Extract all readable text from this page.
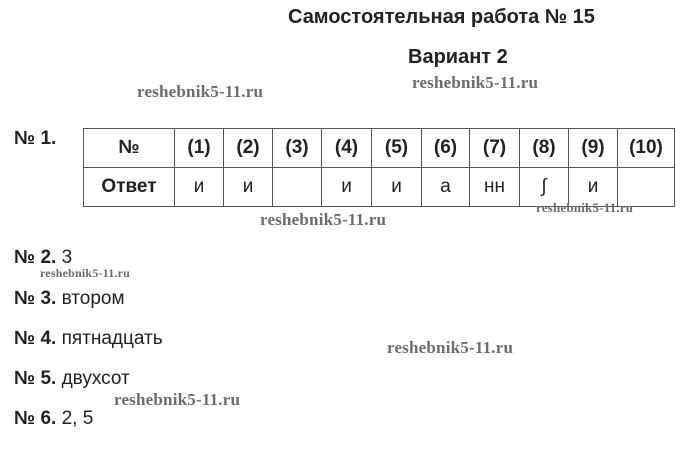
Самостоятельная работа № 15
Вариант 2
reshebnik5-11.ru
reshebnik5-11.ru
№ 1.	№	(1)	(2)	(3)	(4)	(5)	(6)	(7)	(8)	(9)	(10)
Ответ	и	и		и	и	а	нн	∫	и	
reshebnik5-11.ru
reshebnik5-11.ru
№ 2. 3
reshebnik5-11.ru
№ 3. втором
№ 4. пятнадцать	reshebnik5-11.ru
№ 5. двухсот
reshebnik5-11.ru
№ 6. 2, 5
